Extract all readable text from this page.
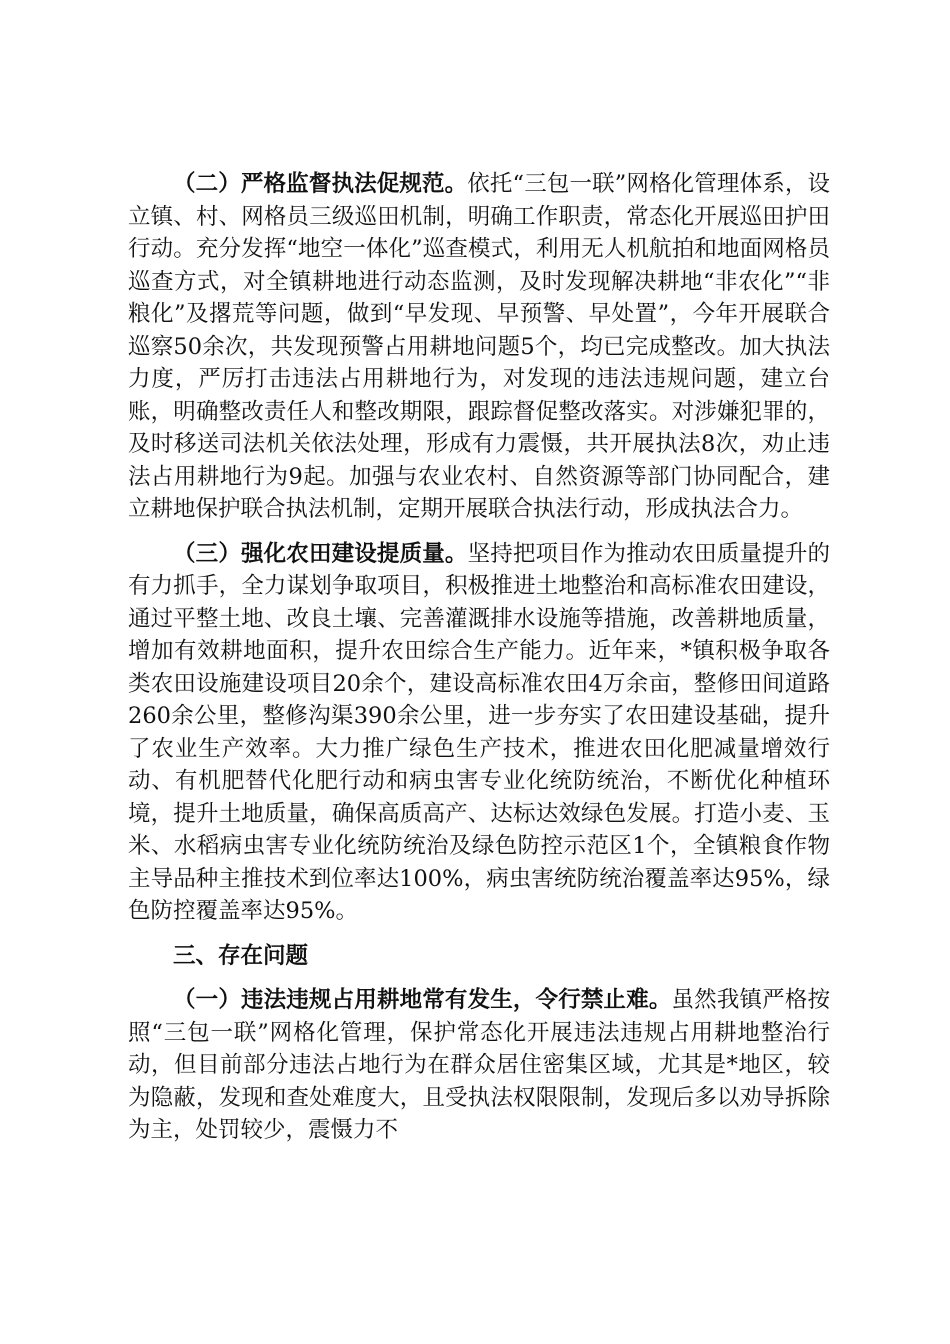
（二）严格监督执法促规范。依托“三包一联”网格化管理体系，设立镇、村、网格员三级巡田机制，明确工作职责，常态化开展巡田护田行动。充分发挥“地空一体化”巡查模式，利用无人机航拍和地面网格员巡查方式，对全镇耕地进行动态监测，及时发现解决耕地“非农化”“非粮化”及撂荒等问题，做到“早发现、早预警、早处置”，今年开展联合巡察50余次，共发现预警占用耕地问题5个，均已完成整改。加大执法力度，严厉打击违法占用耕地行为，对发现的违法违规问题，建立台账，明确整改责任人和整改期限，跟踪督促整改落实。对涉嫌犯罪的，及时移送司法机关依法处理，形成有力震慑，共开展执法8次，劝止违法占用耕地行为9起。加强与农业农村、自然资源等部门协同配合，建立耕地保护联合执法机制，定期开展联合执法行动，形成执法合力。

（三）强化农田建设提质量。坚持把项目作为推动农田质量提升的有力抓手，全力谋划争取项目，积极推进土地整治和高标准农田建设，通过平整土地、改良土壤、完善灌溉排水设施等措施，改善耕地质量，增加有效耕地面积，提升农田综合生产能力。近年来，*镇积极争取各类农田设施建设项目20余个，建设高标准农田4万余亩，整修田间道路260余公里，整修沟渠390余公里，进一步夯实了农田建设基础，提升了农业生产效率。大力推广绿色生产技术，推进农田化肥减量增效行动、有机肥替代化肥行动和病虫害专业化统防统治，不断优化种植环境，提升土地质量，确保高质高产、达标达效绿色发展。打造小麦、玉米、水稻病虫害专业化统防统治及绿色防控示范区1个，全镇粮食作物主导品种主推技术到位率达100%，病虫害统防统治覆盖率达95%，绿色防控覆盖率达95%。

三、存在问题

（一）违法违规占用耕地常有发生，令行禁止难。虽然我镇严格按照“三包一联”网格化管理，保护常态化开展违法违规占用耕地整治行动，但目前部分违法占地行为在群众居住密集区域，尤其是*地区，较为隐蔽，发现和查处难度大，且受执法权限限制，发现后多以劝导拆除为主，处罚较少，震慑力不
